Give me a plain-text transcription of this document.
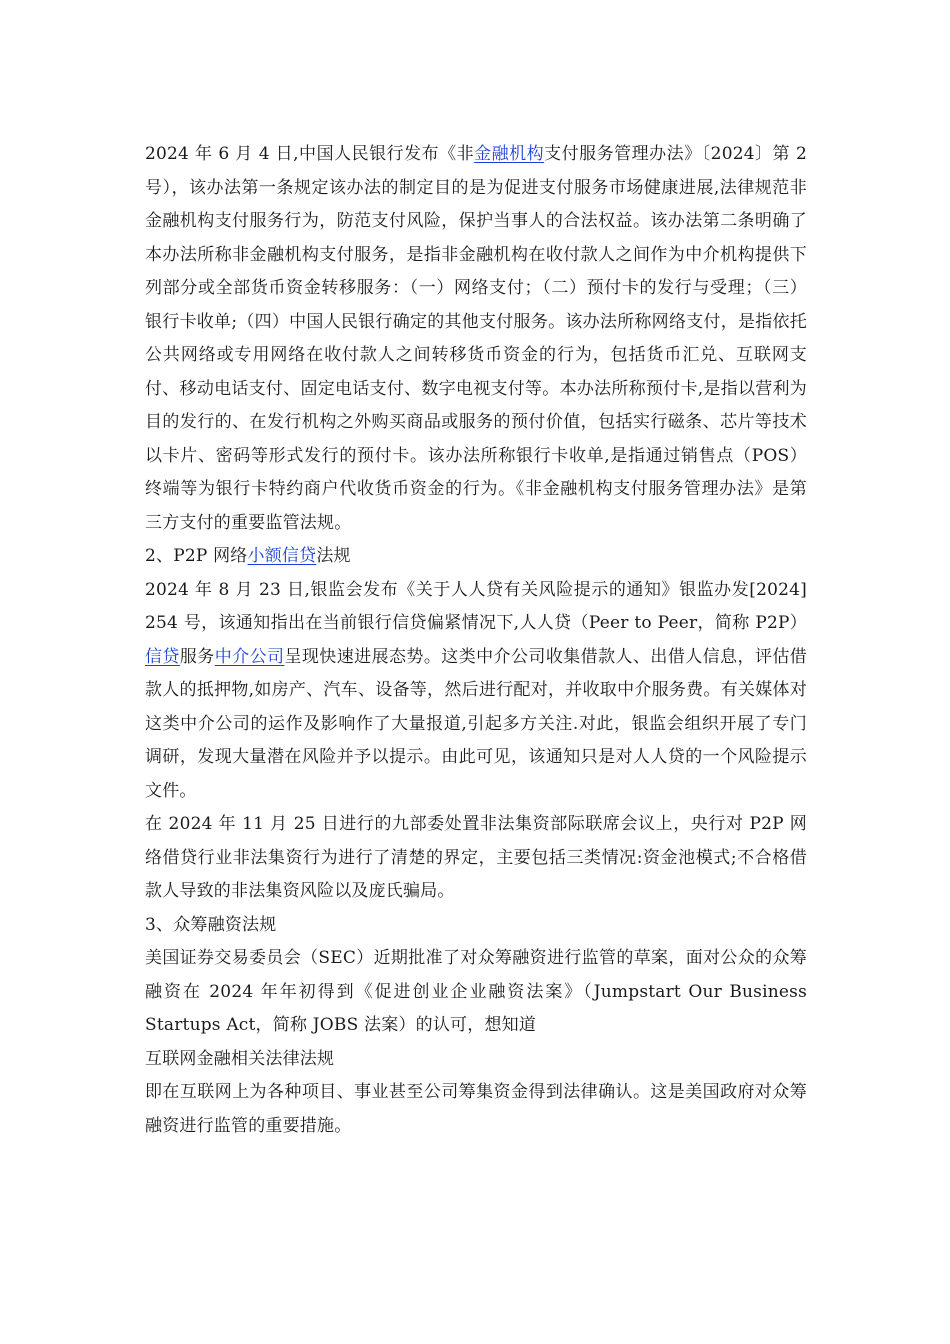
2024 年 6 月 4 日,中国人民银行发布《非金融机构支付服务管理办法》〔2024〕第 2 号），该办法第一条规定该办法的制定目的是为促进支付服务市场健康进展,法律规范非金融机构支付服务行为，防范支付风险，保护当事人的合法权益。该办法第二条明确了本办法所称非金融机构支付服务，是指非金融机构在收付款人之间作为中介机构提供下列部分或全部货币资金转移服务：（一）网络支付；（二）预付卡的发行与受理；（三）银行卡收单;（四）中国人民银行确定的其他支付服务。该办法所称网络支付，是指依托公共网络或专用网络在收付款人之间转移货币资金的行为，包括货币汇兑、互联网支付、移动电话支付、固定电话支付、数字电视支付等。本办法所称预付卡,是指以营利为目的发行的、在发行机构之外购买商品或服务的预付价值，包括实行磁条、芯片等技术以卡片、密码等形式发行的预付卡。该办法所称银行卡收单,是指通过销售点（POS）终端等为银行卡特约商户代收货币资金的行为。《非金融机构支付服务管理办法》是第三方支付的重要监管法规。

2、P2P 网络小额信贷法规

2024 年 8 月 23 日,银监会发布《关于人人贷有关风险提示的通知》银监办发[2024] 254 号，该通知指出在当前银行信贷偏紧情况下,人人贷（Peer to Peer，简称 P2P）信贷服务中介公司呈现快速进展态势。这类中介公司收集借款人、出借人信息，评估借款人的抵押物,如房产、汽车、设备等，然后进行配对，并收取中介服务费。有关媒体对这类中介公司的运作及影响作了大量报道,引起多方关注.对此，银监会组织开展了专门调研，发现大量潜在风险并予以提示。由此可见，该通知只是对人人贷的一个风险提示文件。

在 2024 年 11 月 25 日进行的九部委处置非法集资部际联席会议上，央行对 P2P 网络借贷行业非法集资行为进行了清楚的界定，主要包括三类情况:资金池模式;不合格借款人导致的非法集资风险以及庞氏骗局。

3、众筹融资法规

美国证券交易委员会（SEC）近期批准了对众筹融资进行监管的草案，面对公众的众筹融资在 2024 年年初得到《促进创业企业融资法案》（Jumpstart Our Business Startups Act，简称 JOBS 法案）的认可，想知道

互联网金融相关法律法规

即在互联网上为各种项目、事业甚至公司筹集资金得到法律确认。这是美国政府对众筹融资进行监管的重要措施。
